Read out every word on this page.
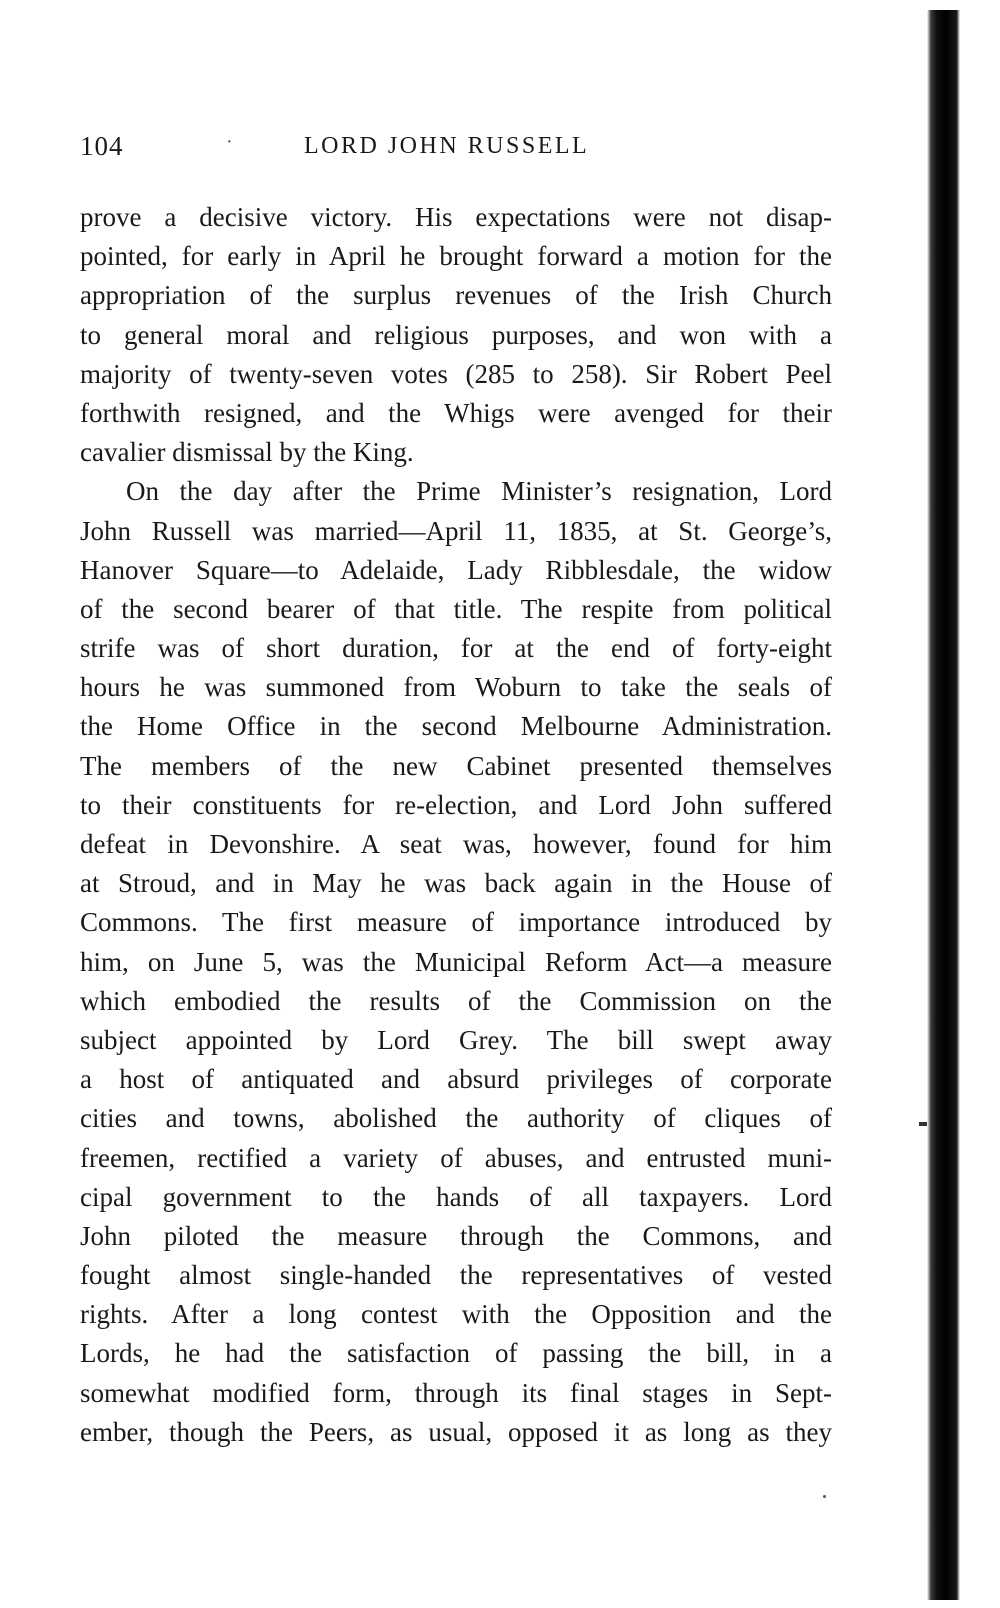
104	·	LORD JOHN RUSSELL
prove a decisive victory. His expectations were not disap-
pointed, for early in April he brought forward a motion for the
appropriation of the surplus revenues of the Irish Church
to general moral and religious purposes, and won with a
majority of twenty-seven votes (285 to 258). Sir Robert Peel
forthwith resigned, and the Whigs were avenged for their
cavalier dismissal by the King.
On the day after the Prime Minister’s resignation, Lord
John Russell was married—April 11, 1835, at St. George’s,
Hanover Square—to Adelaide, Lady Ribblesdale, the widow
of the second bearer of that title. The respite from political
strife was of short duration, for at the end of forty-eight
hours he was summoned from Woburn to take the seals of
the Home Office in the second Melbourne Administration.
The members of the new Cabinet presented themselves
to their constituents for re-election, and Lord John suffered
defeat in Devonshire. A seat was, however, found for him
at Stroud, and in May he was back again in the House of
Commons. The first measure of importance introduced by
him, on June 5, was the Municipal Reform Act—a measure
which embodied the results of the Commission on the
subject appointed by Lord Grey. The bill swept away
a host of antiquated and absurd privileges of corporate
cities and towns, abolished the authority of cliques of
freemen, rectified a variety of abuses, and entrusted muni-
cipal government to the hands of all taxpayers. Lord
John piloted the measure through the Commons, and
fought almost single-handed the representatives of vested
rights. After a long contest with the Opposition and the
Lords, he had the satisfaction of passing the bill, in a
somewhat modified form, through its final stages in Sept-
ember, though the Peers, as usual, opposed it as long as they
